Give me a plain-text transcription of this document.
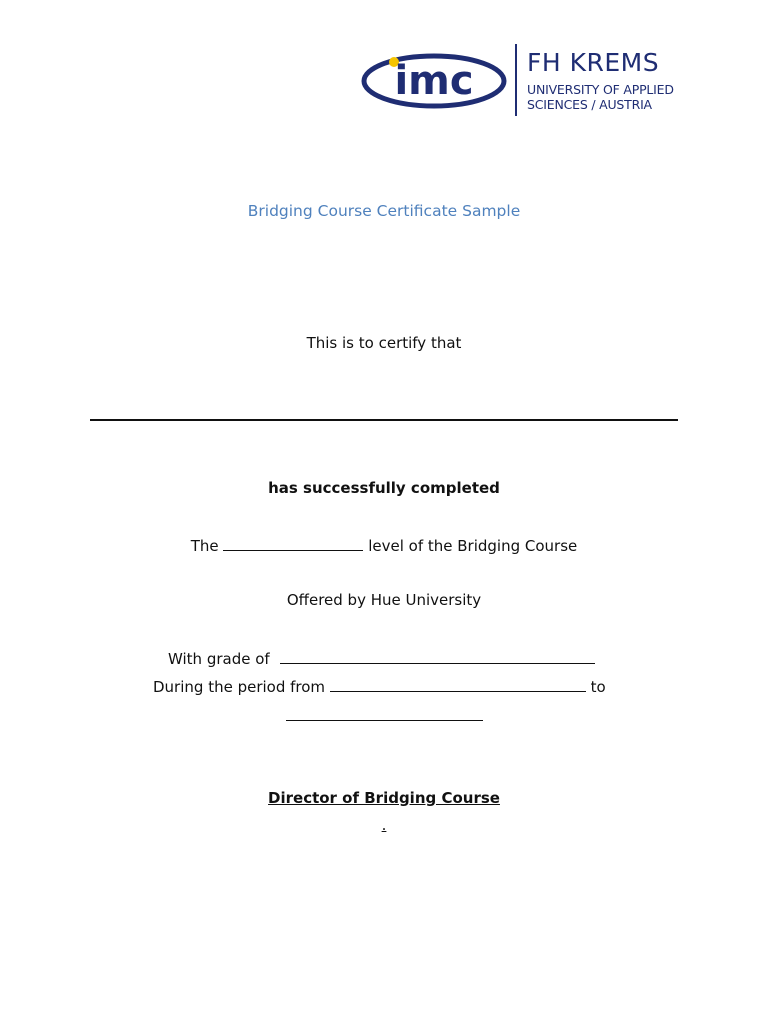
imc FH KREMS
UNIVERSITY OF APPLIED
SCIENCES / AUSTRIA
Bridging Course Certificate Sample
This is to certify that
has successfully completed
The	level of the Bridging Course
Offered by Hue University
With grade of
During the period from	to
Director of Bridging Course
.
